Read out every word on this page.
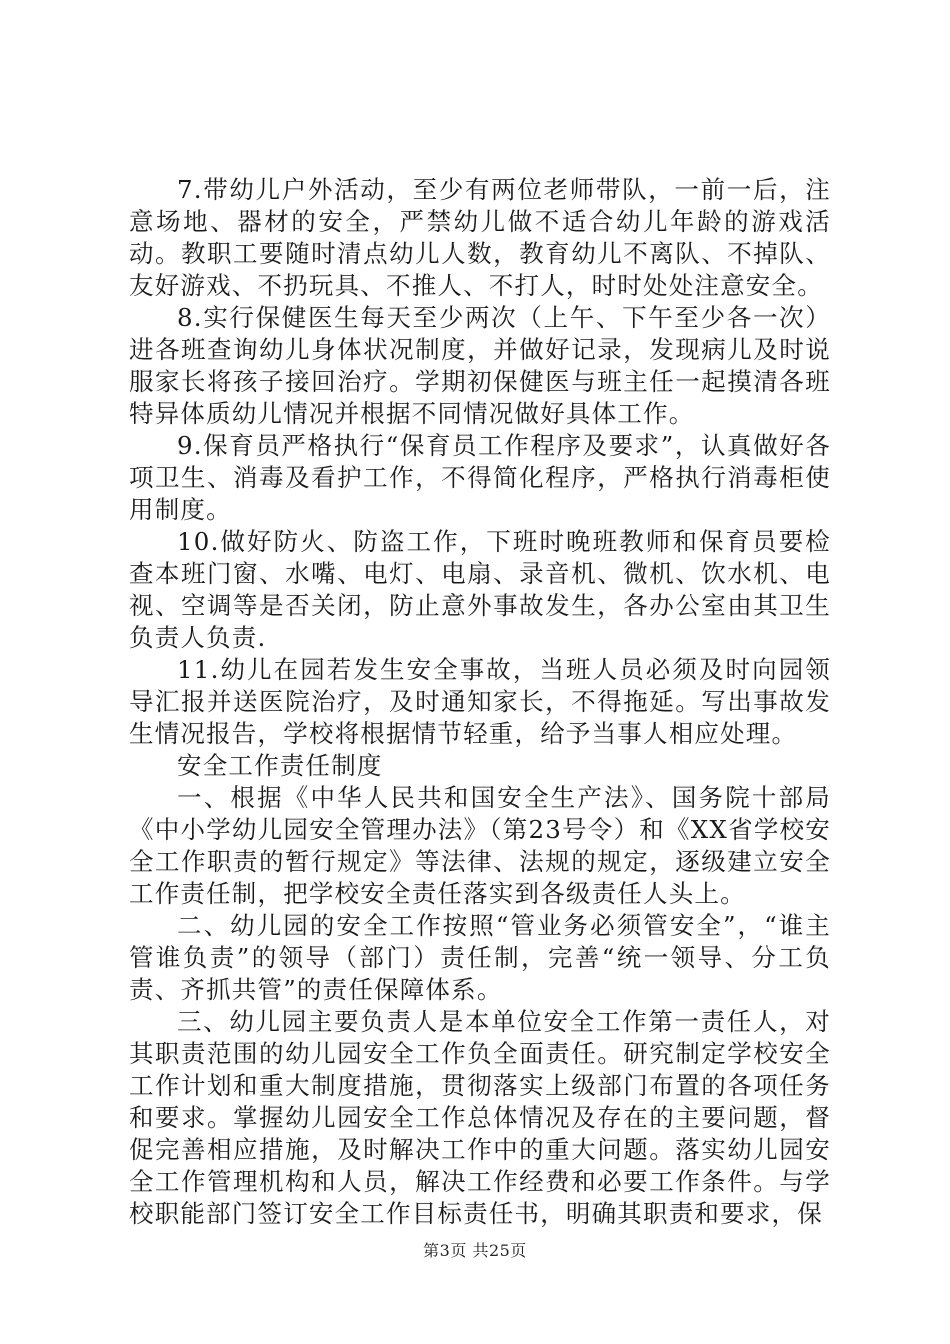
7.带幼儿户外活动，至少有两位老师带队，一前一后，注意场地、器材的安全，严禁幼儿做不适合幼儿年龄的游戏活动。教职工要随时清点幼儿人数，教育幼儿不离队、不掉队、友好游戏、不扔玩具、不推人、不打人，时时处处注意安全。

8.实行保健医生每天至少两次（上午、下午至少各一次）进各班查询幼儿身体状况制度，并做好记录，发现病儿及时说服家长将孩子接回治疗。学期初保健医与班主任一起摸清各班特异体质幼儿情况并根据不同情况做好具体工作。

9.保育员严格执行“保育员工作程序及要求”，认真做好各项卫生、消毒及看护工作，不得简化程序，严格执行消毒柜使用制度。

10.做好防火、防盗工作，下班时晚班教师和保育员要检查本班门窗、水嘴、电灯、电扇、录音机、微机、饮水机、电视、空调等是否关闭，防止意外事故发生，各办公室由其卫生负责人负责.

11.幼儿在园若发生安全事故，当班人员必须及时向园领导汇报并送医院治疗，及时通知家长，不得拖延。写出事故发生情况报告，学校将根据情节轻重，给予当事人相应处理。

安全工作责任制度

一、根据《中华人民共和国安全生产法》、国务院十部局《中小学幼儿园安全管理办法》（第23号令）和《XX省学校安全工作职责的暂行规定》等法律、法规的规定，逐级建立安全工作责任制，把学校安全责任落实到各级责任人头上。

二、幼儿园的安全工作按照“管业务必须管安全”，“谁主管谁负责”的领导（部门）责任制，完善“统一领导、分工负责、齐抓共管”的责任保障体系。

三、幼儿园主要负责人是本单位安全工作第一责任人，对其职责范围的幼儿园安全工作负全面责任。研究制定学校安全工作计划和重大制度措施，贯彻落实上级部门布置的各项任务和要求。掌握幼儿园安全工作总体情况及存在的主要问题，督促完善相应措施，及时解决工作中的重大问题。落实幼儿园安全工作管理机构和人员，解决工作经费和必要工作条件。与学校职能部门签订安全工作目标责任书，明确其职责和要求，保

第3页 共25页
